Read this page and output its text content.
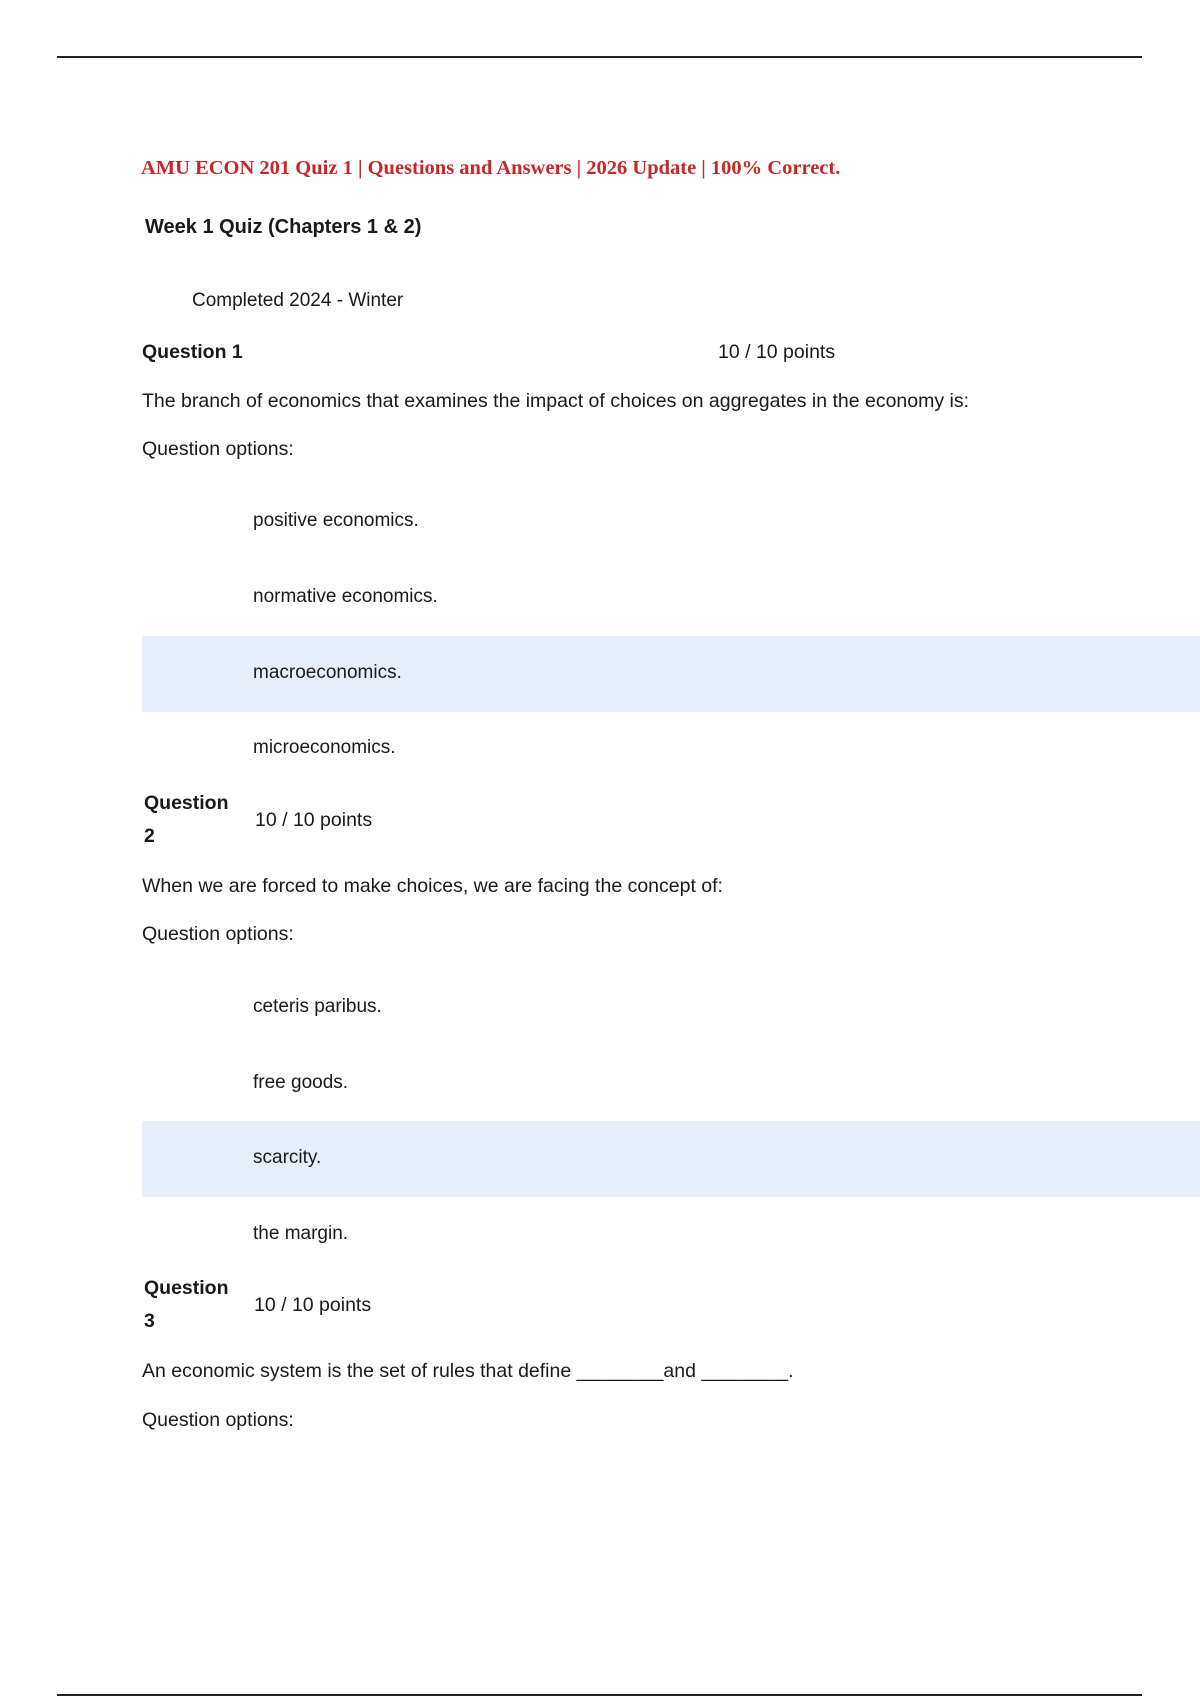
AMU ECON 201 Quiz 1 | Questions and Answers | 2026 Update | 100% Correct.
Week 1 Quiz (Chapters 1 & 2)
Completed 2024 - Winter
Question 1	10 / 10 points
The branch of economics that examines the impact of choices on aggregates in the economy is:
Question options:
positive economics.
normative economics.
macroeconomics.
microeconomics.
Question
2
10 / 10 points
When we are forced to make choices, we are facing the concept of:
Question options:
ceteris paribus.
free goods.
scarcity.
the margin.
Question
3
10 / 10 points
An economic system is the set of rules that define ________and ________.
Question options:
